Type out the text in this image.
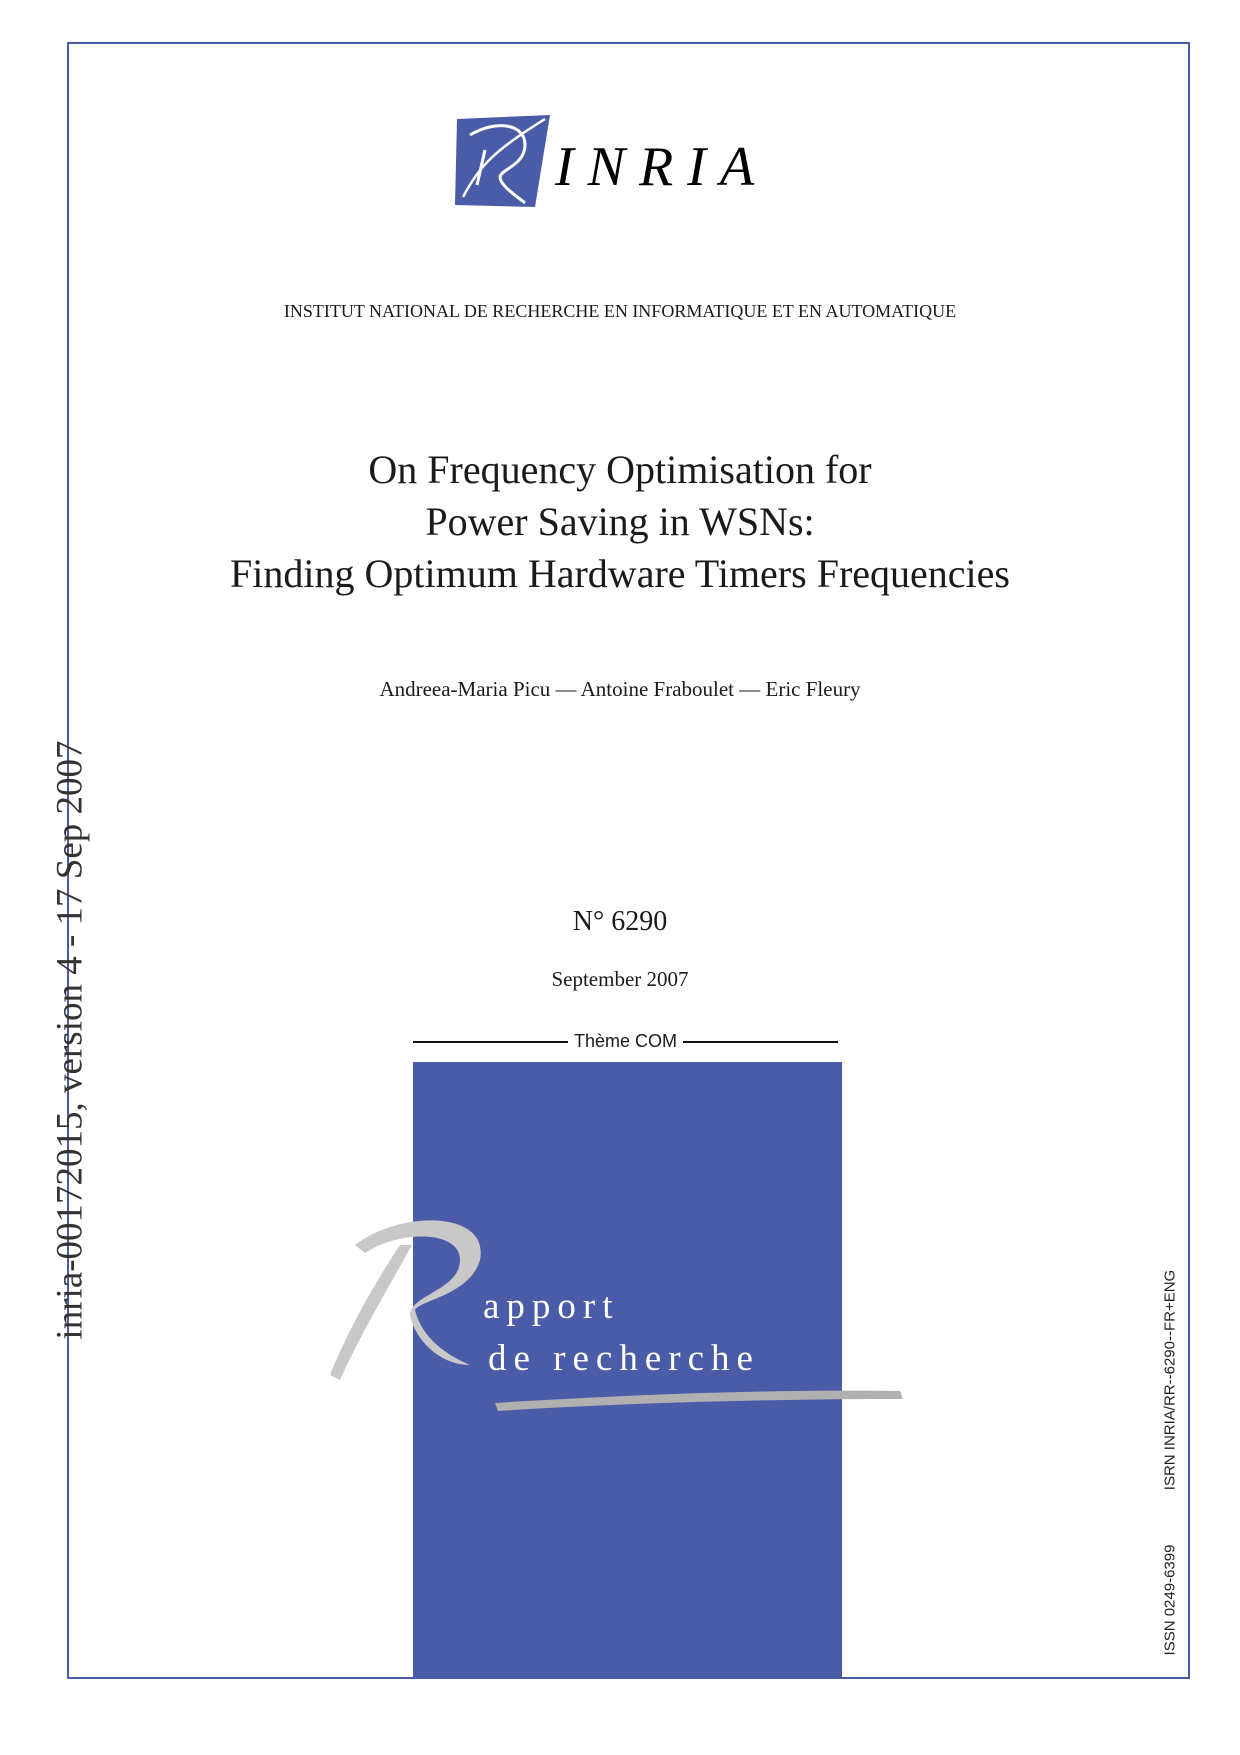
INRIA
INSTITUT NATIONAL DE RECHERCHE EN INFORMATIQUE ET EN AUTOMATIQUE
On Frequency Optimisation for
Power Saving in WSNs:
Finding Optimum Hardware Timers Frequencies
Andreea-Maria Picu — Antoine Fraboulet — Eric Fleury
N° 6290
September 2007
Thème COM
apport
de recherche
inria-00172015, version 4 - 17 Sep 2007
ISSN 0249-6399
ISRN INRIA/RR--6290--FR+ENG
